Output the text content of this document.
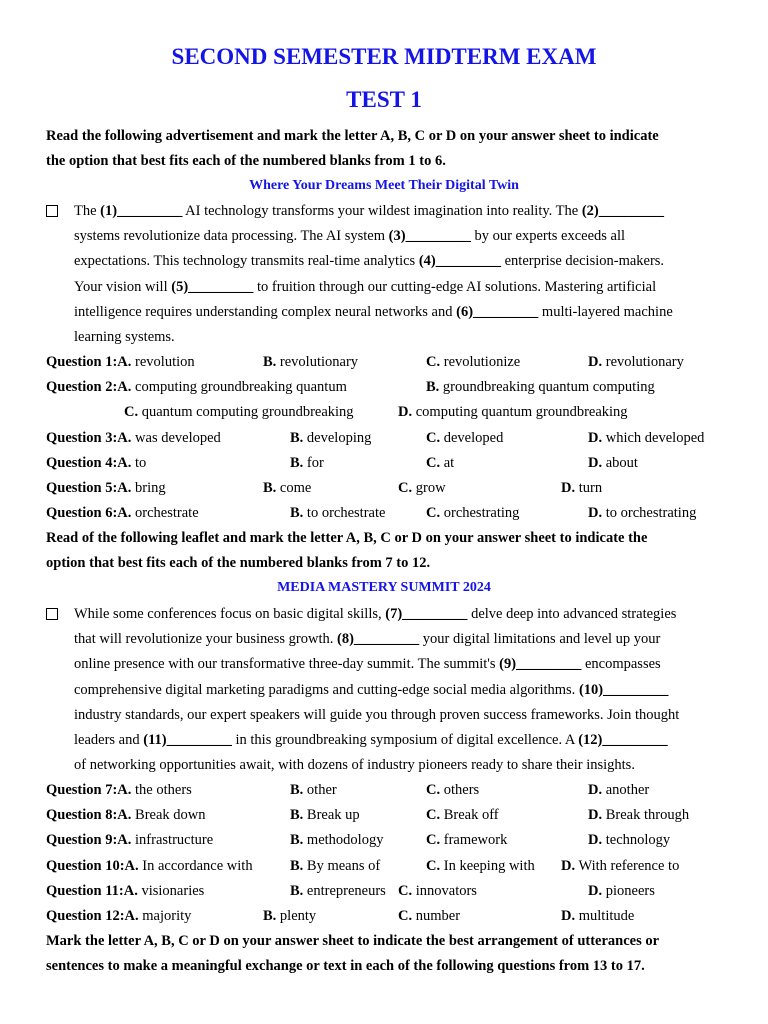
SECOND SEMESTER MIDTERM EXAM
TEST 1
Read the following advertisement and mark the letter A, B, C or D on your answer sheet to indicate
the option that best fits each of the numbered blanks from 1 to 6.
Where Your Dreams Meet Their Digital Twin
The (1)_________ AI technology transforms your wildest imagination into reality. The (2)_________
systems revolutionize data processing. The AI system (3)_________ by our experts exceeds all
expectations. This technology transmits real-time analytics (4)_________ enterprise decision-makers.
Your vision will (5)_________ to fruition through our cutting-edge AI solutions. Mastering artificial
intelligence requires understanding complex neural networks and (6)_________ multi-layered machine
learning systems.
Question 1:A. revolution	B. revolutionary	C. revolutionize	D. revolutionary
Question 2:A. computing groundbreaking quantum	B. groundbreaking quantum computing
C. quantum computing groundbreaking	D. computing quantum groundbreaking
Question 3:A. was developed	B. developing	C. developed	D. which developed
Question 4:A. to	B. for	C. at	D. about
Question 5:A. bring	B. come	C. grow	D. turn
Question 6:A. orchestrate	B. to orchestrate	C. orchestrating	D. to orchestrating
Read of the following leaflet and mark the letter A, B, C or D on your answer sheet to indicate the
option that best fits each of the numbered blanks from 7 to 12.
MEDIA MASTERY SUMMIT 2024
While some conferences focus on basic digital skills, (7)_________ delve deep into advanced strategies
that will revolutionize your business growth. (8)_________ your digital limitations and level up your
online presence with our transformative three-day summit. The summit's (9)_________ encompasses
comprehensive digital marketing paradigms and cutting-edge social media algorithms. (10)_________
industry standards, our expert speakers will guide you through proven success frameworks. Join thought
leaders and (11)_________ in this groundbreaking symposium of digital excellence. A (12)_________
of networking opportunities await, with dozens of industry pioneers ready to share their insights.
Question 7:A. the others	B. other	C. others	D. another
Question 8:A. Break down	B. Break up	C. Break off	D. Break through
Question 9:A. infrastructure	B. methodology	C. framework	D. technology
Question 10:A. In accordance with	B. By means of	C. In keeping with D. With reference to
Question 11:A. visionaries	B. entrepreneurs C. innovators	D. pioneers
Question 12:A. majority	B. plenty	C. number	D. multitude
Mark the letter A, B, C or D on your answer sheet to indicate the best arrangement of utterances or
sentences to make a meaningful exchange or text in each of the following questions from 13 to 17.
